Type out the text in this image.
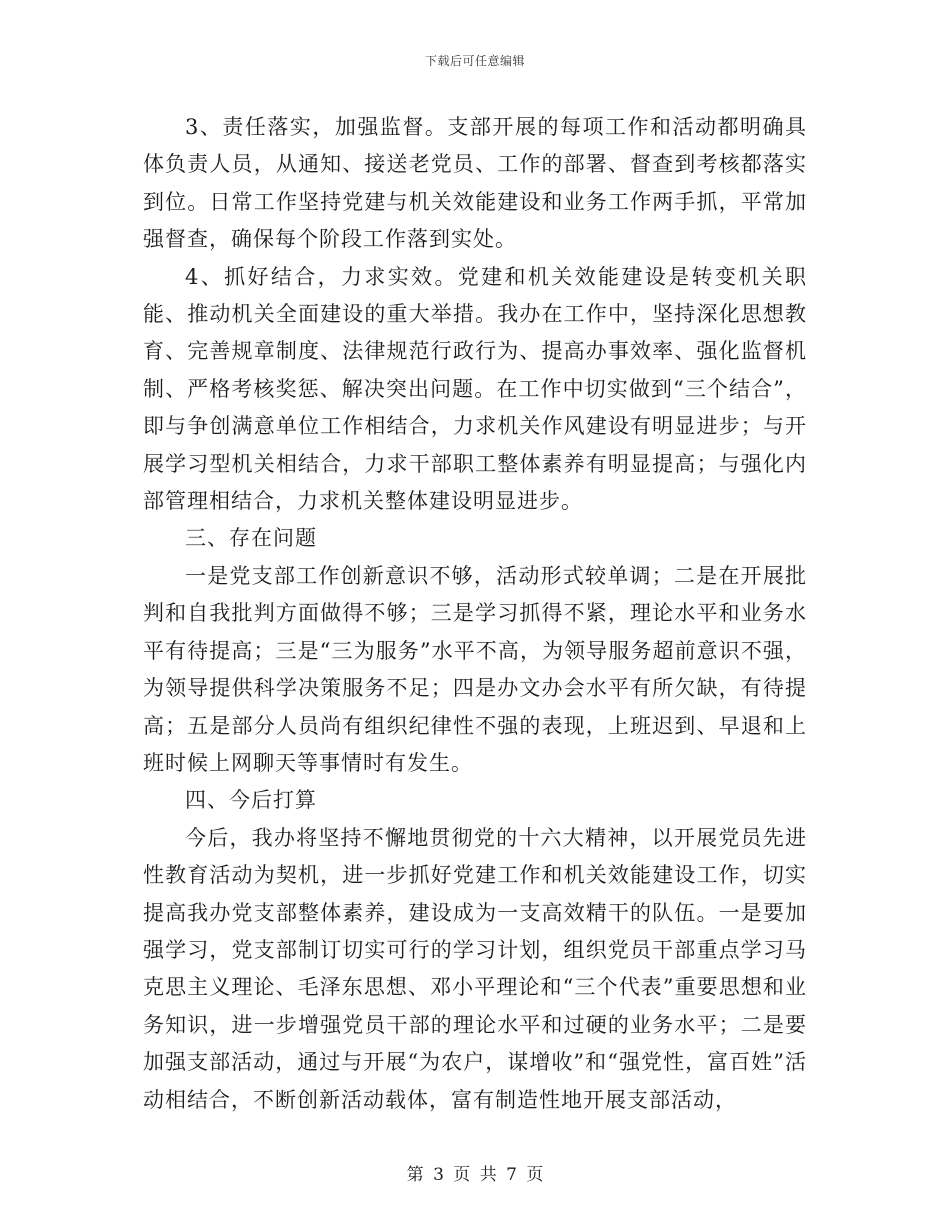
下载后可任意编辑

3、责任落实，加强监督。支部开展的每项工作和活动都明确具体负责人员，从通知、接送老党员、工作的部署、督查到考核都落实到位。日常工作坚持党建与机关效能建设和业务工作两手抓，平常加强督查，确保每个阶段工作落到实处。

4、抓好结合，力求实效。党建和机关效能建设是转变机关职能、推动机关全面建设的重大举措。我办在工作中，坚持深化思想教育、完善规章制度、法律规范行政行为、提高办事效率、强化监督机制、严格考核奖惩、解决突出问题。在工作中切实做到“三个结合”，即与争创满意单位工作相结合，力求机关作风建设有明显进步；与开展学习型机关相结合，力求干部职工整体素养有明显提高；与强化内部管理相结合，力求机关整体建设明显进步。

三、存在问题

一是党支部工作创新意识不够，活动形式较单调；二是在开展批判和自我批判方面做得不够；三是学习抓得不紧，理论水平和业务水平有待提高；三是“三为服务”水平不高，为领导服务超前意识不强，为领导提供科学决策服务不足；四是办文办会水平有所欠缺，有待提高；五是部分人员尚有组织纪律性不强的表现，上班迟到、早退和上班时候上网聊天等事情时有发生。

四、今后打算

今后，我办将坚持不懈地贯彻党的十六大精神，以开展党员先进性教育活动为契机，进一步抓好党建工作和机关效能建设工作，切实提高我办党支部整体素养，建设成为一支高效精干的队伍。一是要加强学习，党支部制订切实可行的学习计划，组织党员干部重点学习马克思主义理论、毛泽东思想、邓小平理论和“三个代表”重要思想和业务知识，进一步增强党员干部的理论水平和过硬的业务水平；二是要加强支部活动，通过与开展“为农户，谋增收”和“强党性，富百姓”活动相结合，不断创新活动载体，富有制造性地开展支部活动，

第 3 页 共 7 页
